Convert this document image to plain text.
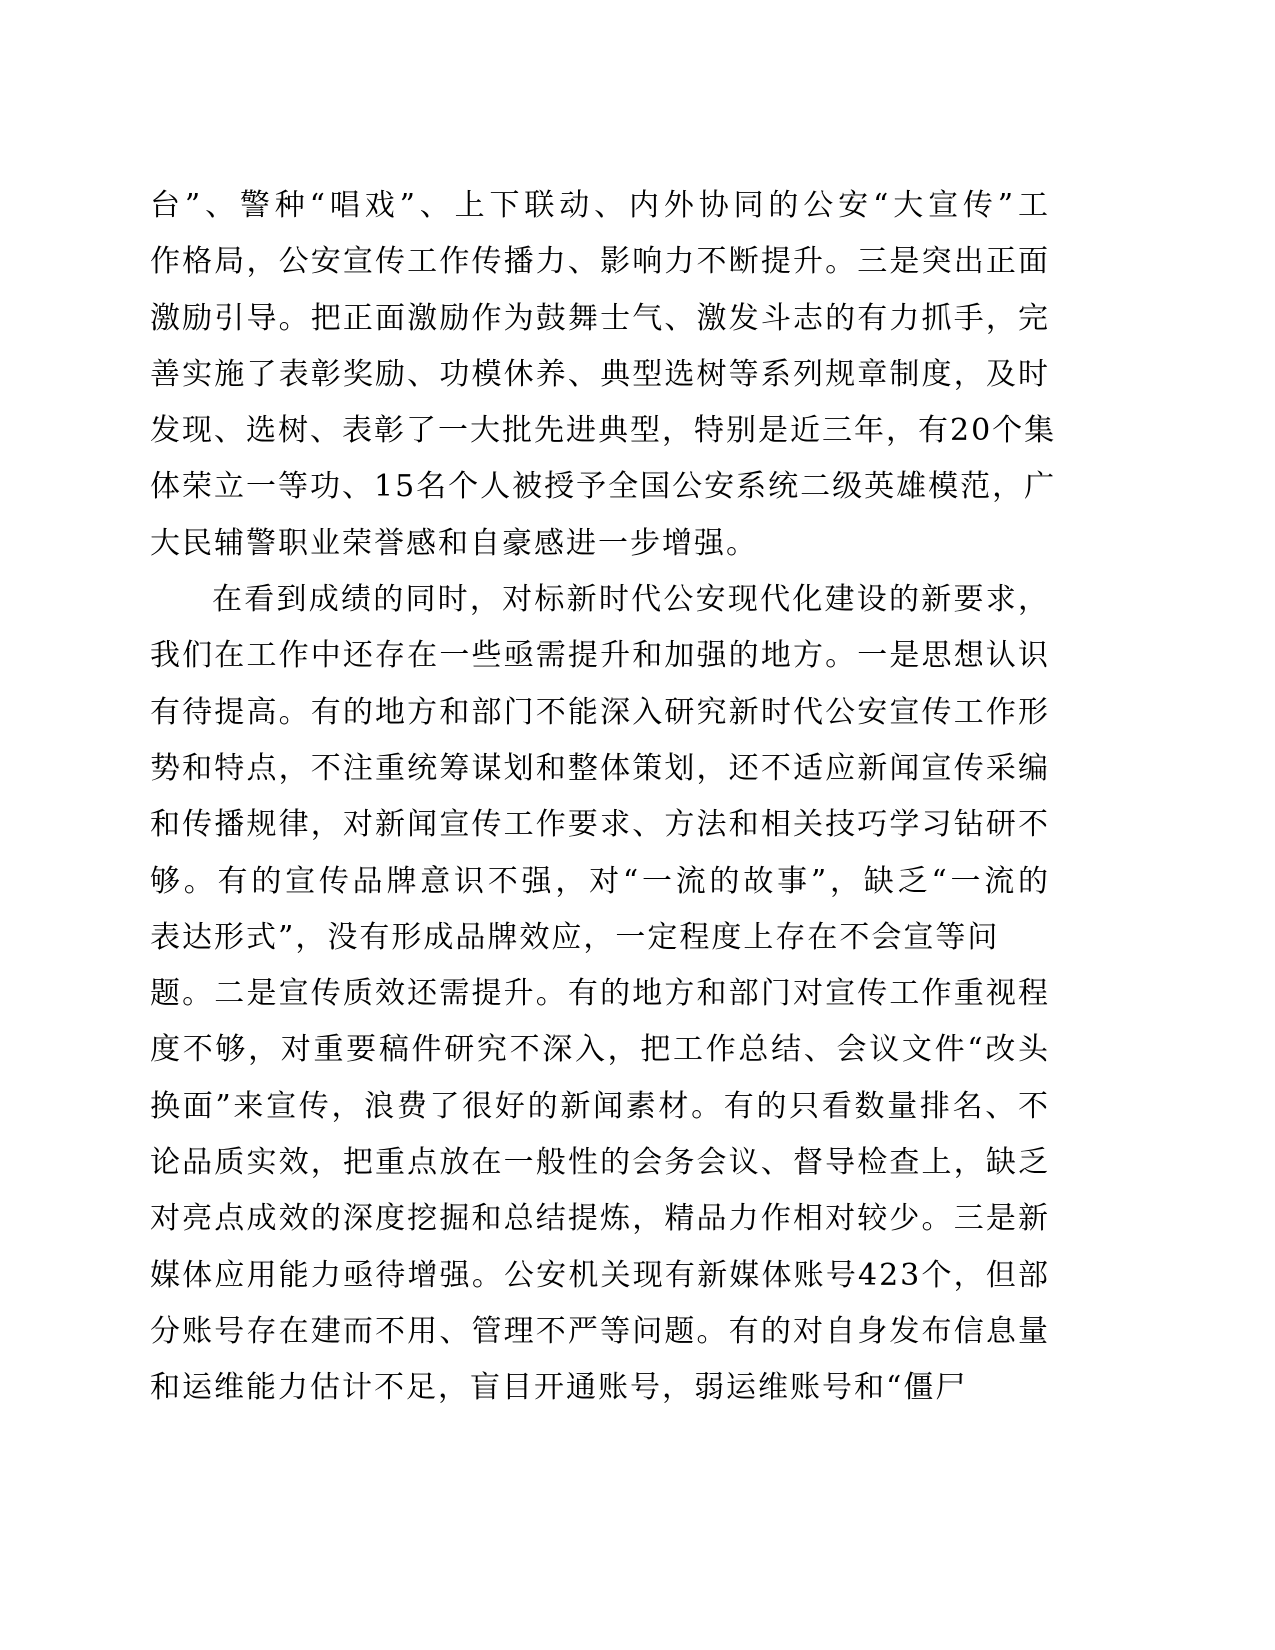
台”、警种“唱戏”、上下联动、内外协同的公安“大宣传”工
作格局，公安宣传工作传播力、影响力不断提升。三是突出正面
激励引导。把正面激励作为鼓舞士气、激发斗志的有力抓手，完
善实施了表彰奖励、功模休养、典型选树等系列规章制度，及时
发现、选树、表彰了一大批先进典型，特别是近三年，有20个集
体荣立一等功、15名个人被授予全国公安系统二级英雄模范，广
大民辅警职业荣誉感和自豪感进一步增强。
在看到成绩的同时，对标新时代公安现代化建设的新要求，
我们在工作中还存在一些亟需提升和加强的地方。一是思想认识
有待提高。有的地方和部门不能深入研究新时代公安宣传工作形
势和特点，不注重统筹谋划和整体策划，还不适应新闻宣传采编
和传播规律，对新闻宣传工作要求、方法和相关技巧学习钻研不
够。有的宣传品牌意识不强，对“一流的故事”，缺乏“一流的
表达形式”，没有形成品牌效应，一定程度上存在不会宣等问
题。二是宣传质效还需提升。有的地方和部门对宣传工作重视程
度不够，对重要稿件研究不深入，把工作总结、会议文件“改头
换面”来宣传，浪费了很好的新闻素材。有的只看数量排名、不
论品质实效，把重点放在一般性的会务会议、督导检查上，缺乏
对亮点成效的深度挖掘和总结提炼，精品力作相对较少。三是新
媒体应用能力亟待增强。公安机关现有新媒体账号423个，但部
分账号存在建而不用、管理不严等问题。有的对自身发布信息量
和运维能力估计不足，盲目开通账号，弱运维账号和“僵尸
